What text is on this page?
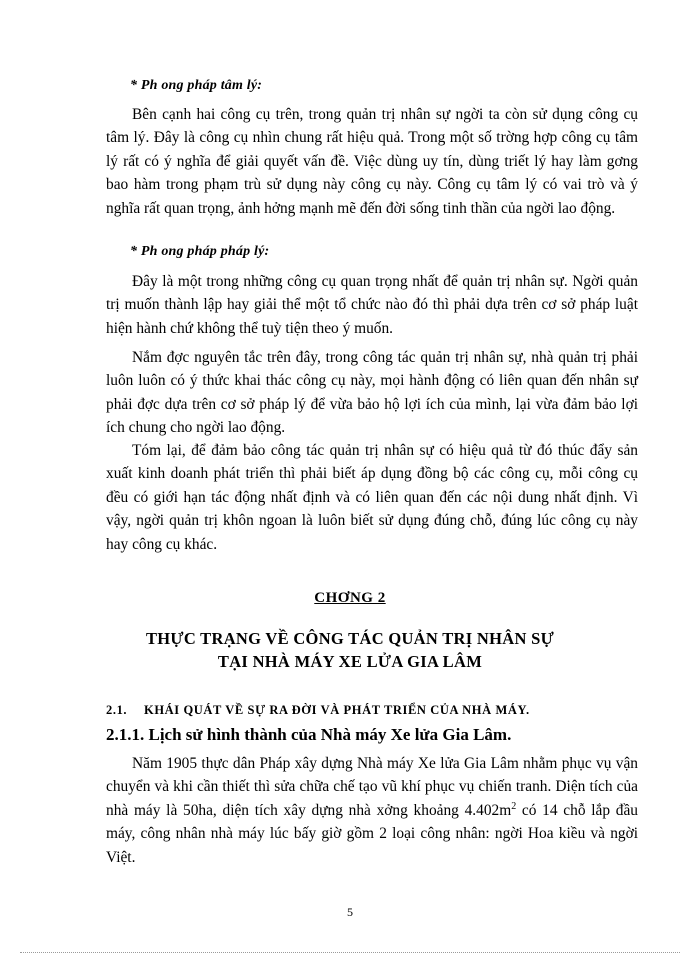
* Ph ong pháp tâm lý:

Bên cạnh hai công cụ trên, trong quản trị nhân sự ngời ta còn sử dụng công cụ tâm lý. Đây là công cụ nhìn chung rất hiệu quả. Trong một số trờng hợp công cụ tâm lý rất có ý nghĩa để giải quyết vấn đề. Việc dùng uy tín, dùng triết lý hay làm gơng bao hàm trong phạm trù sử dụng này công cụ này. Công cụ tâm lý có vai trò và ý nghĩa rất quan trọng, ảnh hởng mạnh mẽ đến đời sống tinh thần của ngời lao động.

* Ph ong pháp pháp lý:

Đây là một trong những công cụ quan trọng nhất để quản trị nhân sự. Ngời quản trị muốn thành lập hay giải thể một tổ chức nào đó thì phải dựa trên cơ sở pháp luật hiện hành chứ không thể tuỳ tiện theo ý muốn.

Nắm đợc nguyên tắc trên đây, trong công tác quản trị nhân sự, nhà quản trị phải luôn luôn có ý thức khai thác công cụ này, mọi hành động có liên quan đến nhân sự phải đợc dựa trên cơ sở pháp lý để vừa bảo hộ lợi ích của mình, lại vừa đảm bảo lợi ích chung cho ngời lao động.

Tóm lại, để đảm bảo công tác quản trị nhân sự có hiệu quả từ đó thúc đẩy sản xuất kinh doanh phát triển thì phải biết áp dụng đồng bộ các công cụ, mỗi công cụ đều có giới hạn tác động nhất định và có liên quan đến các nội dung nhất định. Vì vậy, ngời quản trị khôn ngoan là luôn biết sử dụng đúng chỗ, đúng lúc công cụ này hay công cụ khác.

CHƠNG 2
THỰC TRẠNG VỀ CÔNG TÁC QUẢN TRỊ NHÂN SỰ
TẠI NHÀ MÁY XE LỬA GIA LÂM
2.1. KHÁI QUÁT VỀ SỰ RA ĐỜI VÀ PHÁT TRIỂN CỦA NHÀ MÁY.
2.1.1. Lịch sử hình thành của Nhà máy Xe lửa Gia Lâm.

Năm 1905 thực dân Pháp xây dựng Nhà máy Xe lửa Gia Lâm nhằm phục vụ vận chuyển và khi cần thiết thì sửa chữa chế tạo vũ khí phục vụ chiến tranh. Diện tích của nhà máy là 50ha, diện tích xây dựng nhà xởng khoảng $4.402m^2$ có 14 chỗ lắp đầu máy, công nhân nhà máy lúc bấy giờ gồm 2 loại công nhân: ngời Hoa kiều và ngời Việt.

5
